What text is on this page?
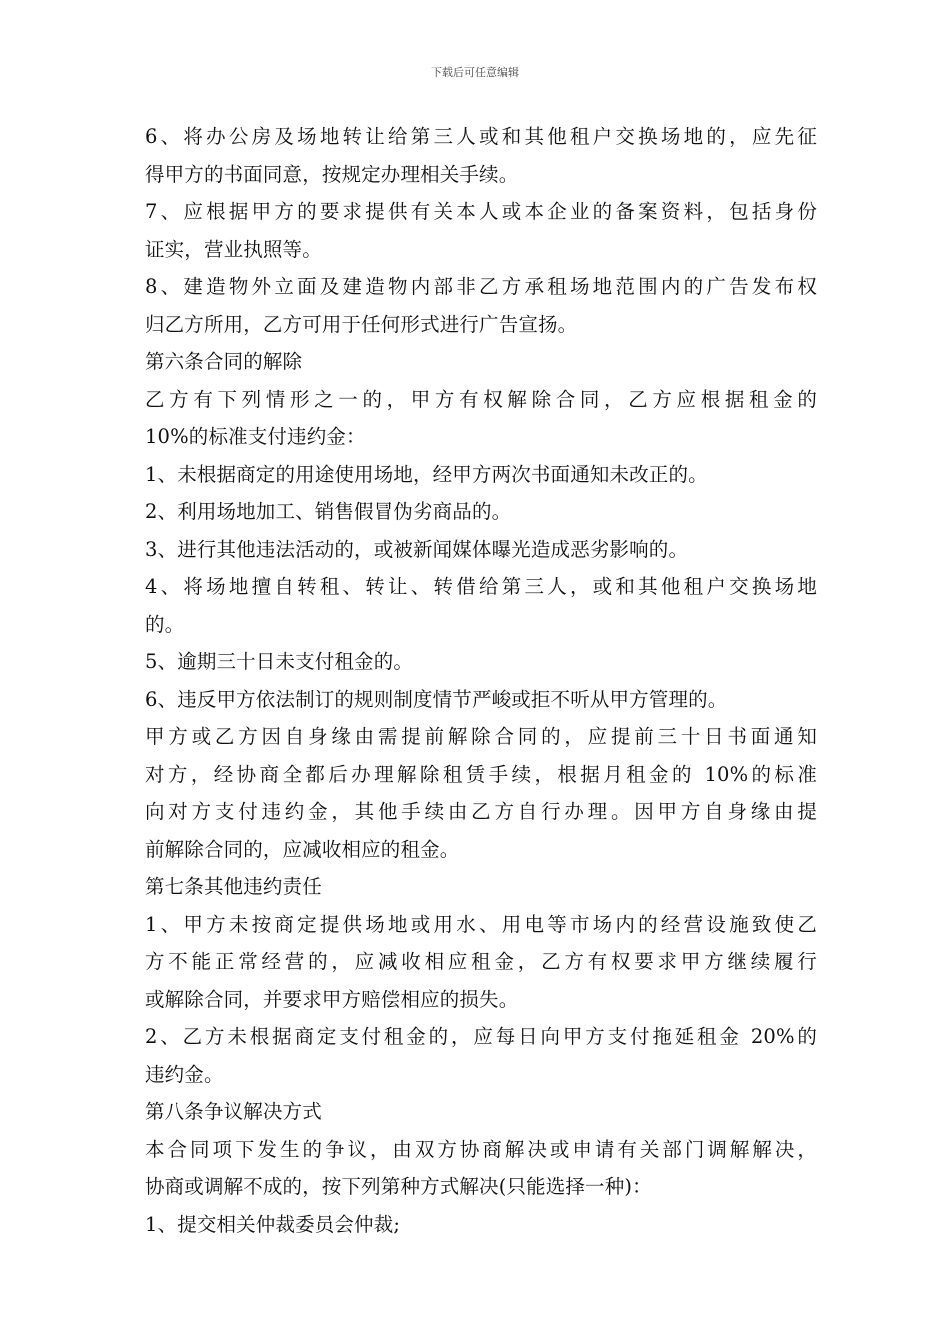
下载后可任意编辑

6、将办公房及场地转让给第三人或和其他租户交换场地的，应先征

得甲方的书面同意，按规定办理相关手续。

7、应根据甲方的要求提供有关本人或本企业的备案资料，包括身份

证实，营业执照等。

8、建造物外立面及建造物内部非乙方承租场地范围内的广告发布权

归乙方所用，乙方可用于任何形式进行广告宣扬。

第六条合同的解除

乙方有下列情形之一的，甲方有权解除合同，乙方应根据租金的

10%的标准支付违约金：

1、未根据商定的用途使用场地，经甲方两次书面通知未改正的。

2、利用场地加工、销售假冒伪劣商品的。

3、进行其他违法活动的，或被新闻媒体曝光造成恶劣影响的。

4、将场地擅自转租、转让、转借给第三人，或和其他租户交换场地

的。

5、逾期三十日未支付租金的。

6、违反甲方依法制订的规则制度情节严峻或拒不听从甲方管理的。

甲方或乙方因自身缘由需提前解除合同的，应提前三十日书面通知

对方，经协商全都后办理解除租赁手续，根据月租金的 10%的标准

向对方支付违约金，其他手续由乙方自行办理。因甲方自身缘由提

前解除合同的，应减收相应的租金。

第七条其他违约责任

1、甲方未按商定提供场地或用水、用电等市场内的经营设施致使乙

方不能正常经营的，应减收相应租金，乙方有权要求甲方继续履行

或解除合同，并要求甲方赔偿相应的损失。

2、乙方未根据商定支付租金的，应每日向甲方支付拖延租金 20%的

违约金。

第八条争议解决方式

本合同项下发生的争议，由双方协商解决或申请有关部门调解解决，

协商或调解不成的，按下列第种方式解决(只能选择一种)：

1、提交相关仲裁委员会仲裁;
